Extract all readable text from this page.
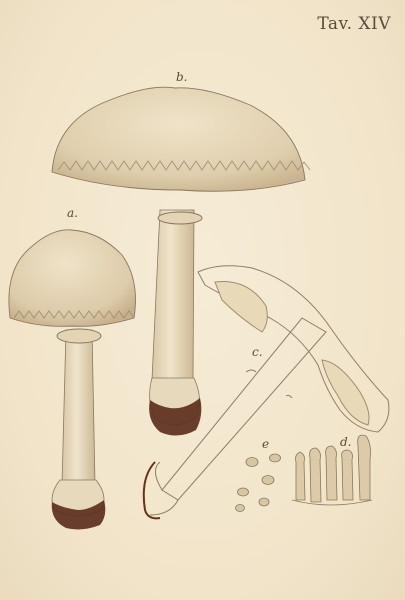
Tav. XIV
a.
b.
c.
d.
e
